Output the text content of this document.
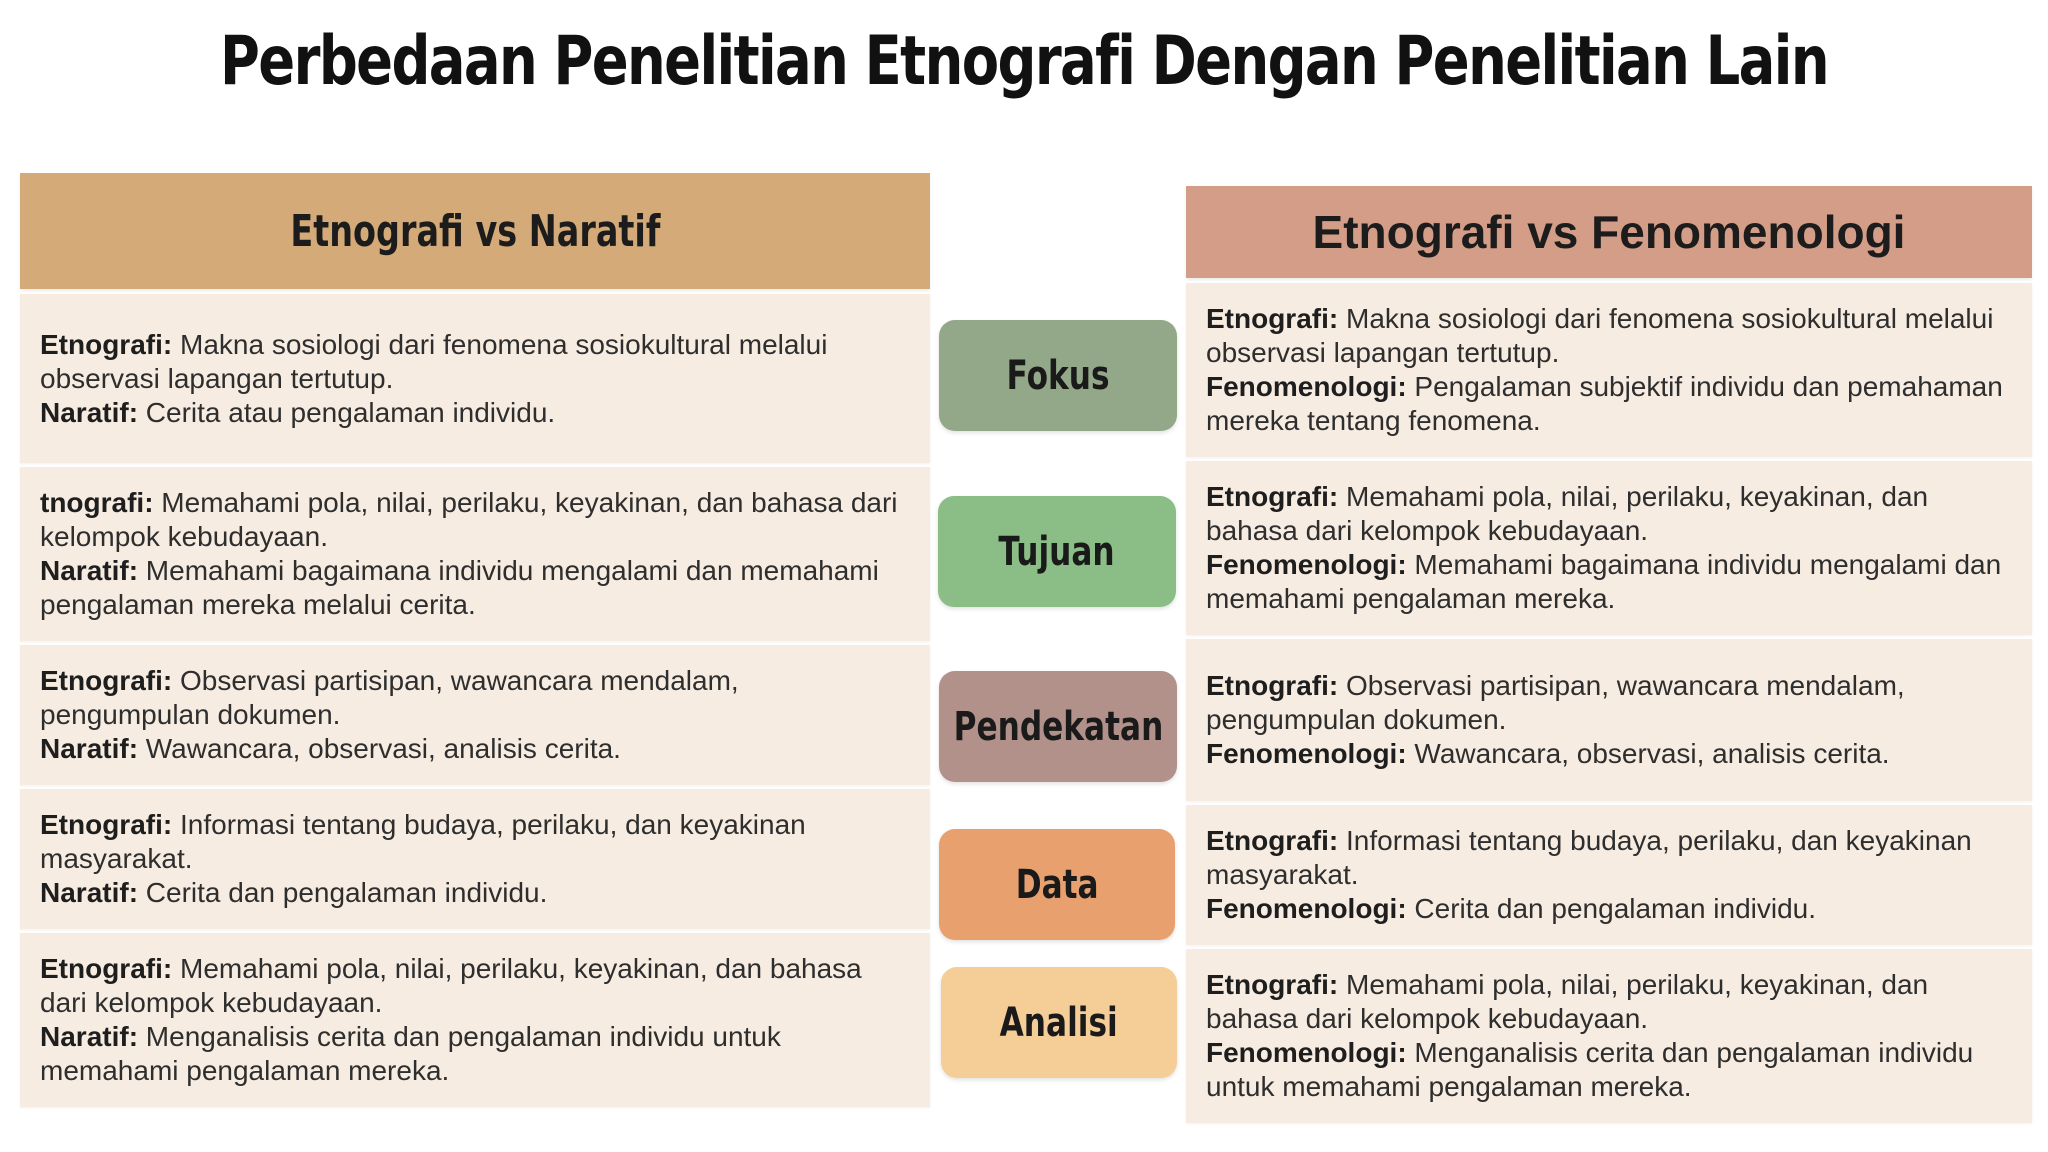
Perbedaan Penelitian Etnografi Dengan Penelitian Lain
Etnografi vs Naratif	Etnografi vs Fenomenologi
Etnografi: Makna sosiologi dari fenomena sosiokultural melalui observasi lapangan tertutup.
Naratif: Cerita atau pengalaman individu.
tnografi: Memahami pola, nilai, perilaku, keyakinan, dan bahasa dari kelompok kebudayaan.
Naratif: Memahami bagaimana individu mengalami dan memahami pengalaman mereka melalui cerita.
Etnografi: Observasi partisipan, wawancara mendalam, pengumpulan dokumen.
Naratif: Wawancara, observasi, analisis cerita.
Etnografi: Informasi tentang budaya, perilaku, dan keyakinan masyarakat.
Naratif: Cerita dan pengalaman individu.
Etnografi: Memahami pola, nilai, perilaku, keyakinan, dan bahasa dari kelompok kebudayaan.
Naratif: Menganalisis cerita dan pengalaman individu untuk memahami pengalaman mereka.
Etnografi: Makna sosiologi dari fenomena sosiokultural melalui observasi lapangan tertutup.
Fenomenologi: Pengalaman subjektif individu dan pemahaman mereka tentang fenomena.
Etnografi: Memahami pola, nilai, perilaku, keyakinan, dan bahasa dari kelompok kebudayaan.
Fenomenologi: Memahami bagaimana individu mengalami dan memahami pengalaman mereka.
Etnografi: Observasi partisipan, wawancara mendalam, pengumpulan dokumen.
Fenomenologi: Wawancara, observasi, analisis cerita.
Etnografi: Informasi tentang budaya, perilaku, dan keyakinan masyarakat.
Fenomenologi: Cerita dan pengalaman individu.
Etnografi: Memahami pola, nilai, perilaku, keyakinan, dan bahasa dari kelompok kebudayaan.
Fenomenologi: Menganalisis cerita dan pengalaman individu untuk memahami pengalaman mereka.
Fokus
Tujuan
Pendekatan
Data
Analisi
